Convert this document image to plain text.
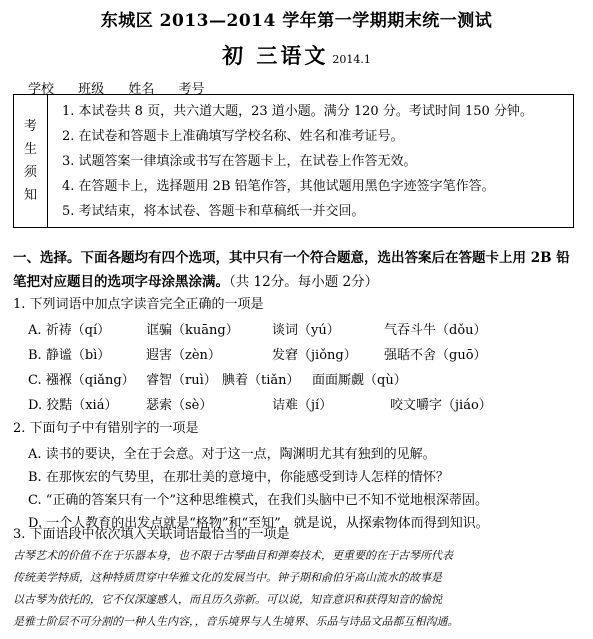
东城区 2013—2014 学年第一学期期末统一测试
初 三语文 2014.1
学校 班级 姓名 考号
考
生
须
知
1. 本试卷共 8 页，共六道大题，23 道小题。满分 120 分。考试时间 150 分钟。
2. 在试卷和答题卡上准确填写学校名称、姓名和准考证号。
3. 试题答案一律填涂或书写在答题卡上，在试卷上作答无效。
4. 在答题卡上，选择题用 2B 铅笔作答，其他试题用黑色字迹签字笔作答。
5. 考试结束，将本试卷、答题卡和草稿纸一并交回。
一、选择。下面各题均有四个选项，其中只有一个符合题意，选出答案后在答题卡上用 2B 铅笔把对应题目的选项字母涂黑涂满。（共 12分。每小题 2分）
1. 下列词语中加点字读音完全正确的一项是
A. 祈祷（qí）	诓骗（kuāng）	谈词（yú）	气吞斗牛（dǒu）
B. 静谧（bì）	遐害（zèn）	发窘（jiǒng） 强聒不舍（guō）
C. 襁褓（qiǎng） 睿智（ruì） 腆着（tiǎn） 面面厮觑（qù）
D. 狡黠（xiá） 瑟索（sè）	诘难（jí）	咬文嚼字（jiáo）
2. 下面句子中有错别字的一项是
A. 读书的要诀，全在于会意。对于这一点，陶渊明尤其有独到的见解。
B. 在那恢宏的气势里，在那壮美的意境中，你能感受到诗人怎样的情怀？
C. “正确的答案只有一个”这种思维模式，在我们头脑中已不知不觉地根深蒂固。
D. 一个人教育的出发点就是“格物”和“至知”，就是说，从探索物体而得到知识。
3. 下面语段中依次填入关联词语最恰当的一项是
古琴艺术的价值不在于乐器本身，也不限于古琴曲目和弹奏技术，更重要的在于古琴所代表
传统美学特质，这种特质贯穿中华雅文化的发展当中。钟子期和俞伯牙高山流水的故事是
以古琴为依托的，它不仅深邃感人，而且历久弥新。可以说，知音意识和获得知音的愉悦
是雅士阶层不可分割的一种人生内容，，音乐境界与人生境界、乐品与诗品文品都互相沟通。
